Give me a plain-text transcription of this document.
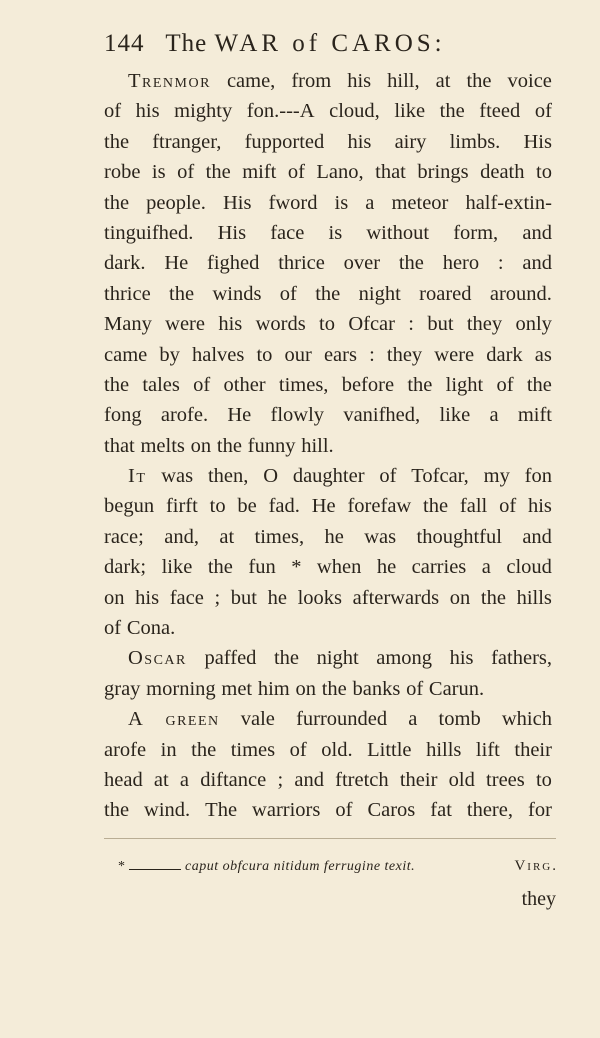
144 The WAR of CAROS:
Trenmor came, from his hill, at the voice
of his mighty fon.---A cloud, like the fteed of
the ftranger, fupported his airy limbs. His
robe is of the mift of Lano, that brings death to
the people. His fword is a meteor half-extin-
tinguifhed. His face is without form, and
dark. He fighed thrice over the hero : and
thrice the winds of the night roared around.
Many were his words to Ofcar : but they only
came by halves to our ears : they were dark as
the tales of other times, before the light of the
fong arofe. He flowly vanifhed, like a mift
that melts on the funny hill.
It was then, O daughter of Tofcar, my fon
begun firft to be fad. He forefaw the fall of his
race; and, at times, he was thoughtful and
dark; like the fun * when he carries a cloud
on his face ; but he looks afterwards on the hills
of Cona.
Oscar paffed the night among his fathers,
gray morning met him on the banks of Carun.
A green vale furrounded a tomb which
arofe in the times of old. Little hills lift their
head at a diftance ; and ftretch their old trees to
the wind. The warriors of Caros fat there, for
*	caput obfcura nitidum ferrugine texit.	Virg.
they
